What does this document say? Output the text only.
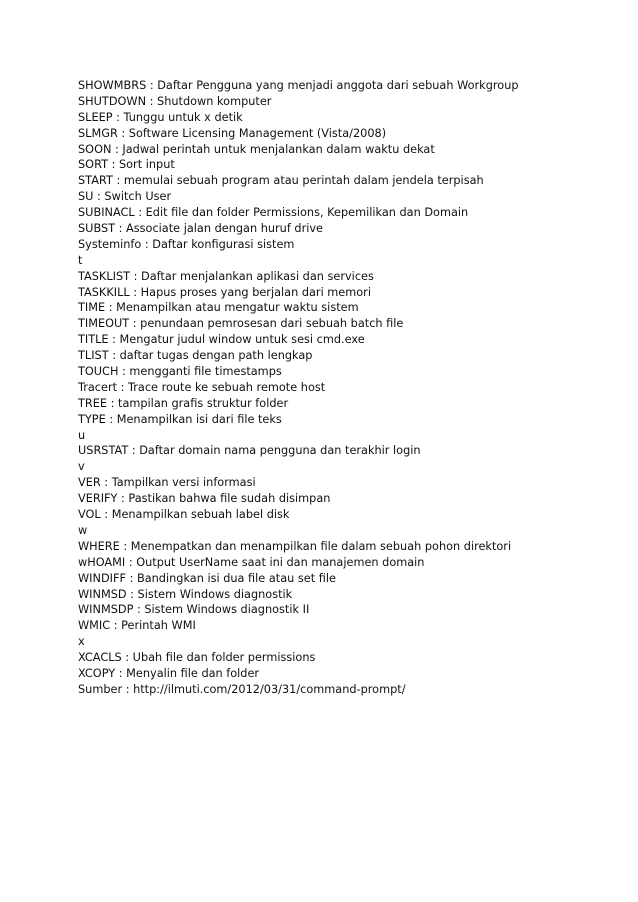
SHOWMBRS : Daftar Pengguna yang menjadi anggota dari sebuah Workgroup
SHUTDOWN : Shutdown komputer
SLEEP : Tunggu untuk x detik
SLMGR : Software Licensing Management (Vista/2008)
SOON : Jadwal perintah untuk menjalankan dalam waktu dekat
SORT : Sort input
START : memulai sebuah program atau perintah dalam jendela terpisah
SU : Switch User
SUBINACL : Edit file dan folder Permissions, Kepemilikan dan Domain
SUBST : Associate jalan dengan huruf drive
Systeminfo : Daftar konfigurasi sistem
t
TASKLIST : Daftar menjalankan aplikasi dan services
TASKKILL : Hapus proses yang berjalan dari memori
TIME : Menampilkan atau mengatur waktu sistem
TIMEOUT : penundaan pemrosesan dari sebuah batch file
TITLE : Mengatur judul window untuk sesi cmd.exe
TLIST : daftar tugas dengan path lengkap
TOUCH : mengganti file timestamps
Tracert : Trace route ke sebuah remote host
TREE : tampilan grafis struktur folder
TYPE : Menampilkan isi dari file teks
u
USRSTAT : Daftar domain nama pengguna dan terakhir login
v
VER : Tampilkan versi informasi
VERIFY : Pastikan bahwa file sudah disimpan
VOL : Menampilkan sebuah label disk
w
WHERE : Menempatkan dan menampilkan file dalam sebuah pohon direktori
wHOAMI : Output UserName saat ini dan manajemen domain
WINDIFF : Bandingkan isi dua file atau set file
WINMSD : Sistem Windows diagnostik
WINMSDP : Sistem Windows diagnostik II
WMIC : Perintah WMI
x
XCACLS : Ubah file dan folder permissions
XCOPY : Menyalin file dan folder
Sumber : http://ilmuti.com/2012/03/31/command-prompt/
